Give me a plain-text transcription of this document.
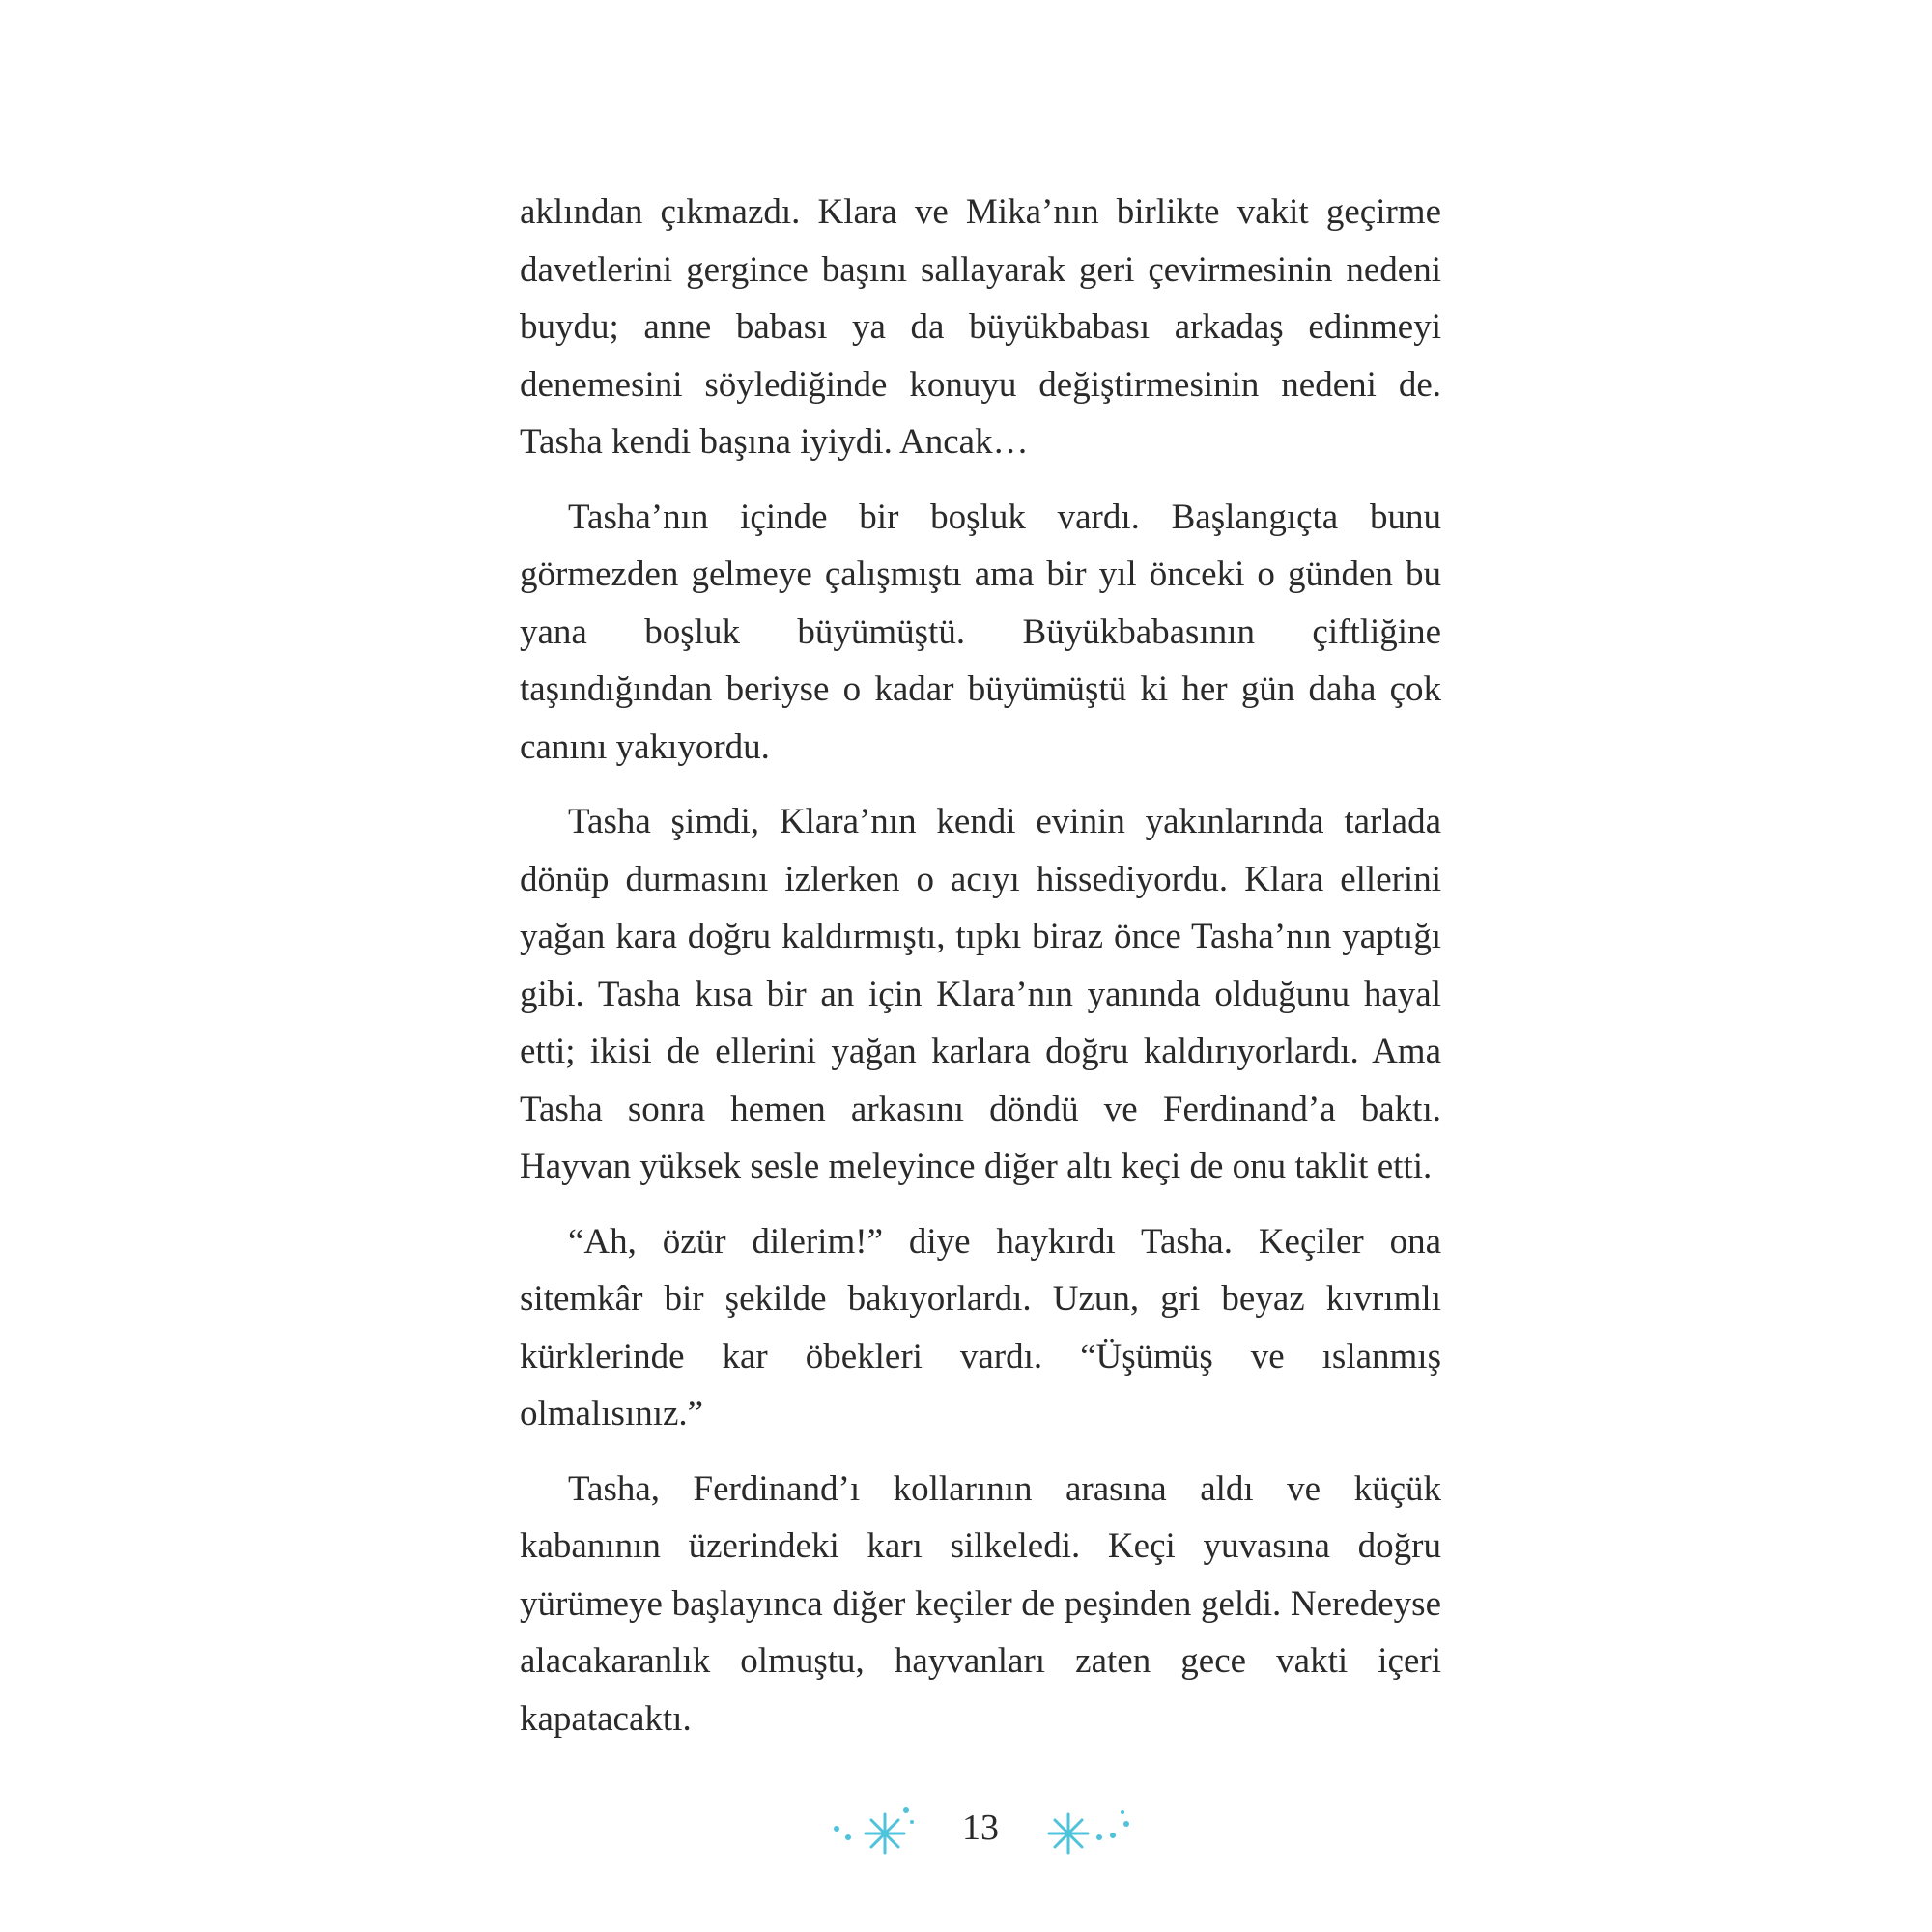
aklından çıkmazdı. Klara ve Mika’nın birlikte vakit geçirme davetlerini gergince başını sallayarak geri çevirmesinin nedeni buydu; anne babası ya da büyükbabası arkadaş edinmeyi denemesini söylediğinde konuyu değiştirmesinin nedeni de. Tasha kendi başına iyiydi. Ancak…

Tasha’nın içinde bir boşluk vardı. Başlangıçta bunu görmezden gelmeye çalışmıştı ama bir yıl önceki o günden bu yana boşluk büyümüştü. Büyükbabasının çiftliğine taşındığından beriyse o kadar büyümüştü ki her gün daha çok canını yakıyordu.

Tasha şimdi, Klara’nın kendi evinin yakınlarında tarlada dönüp durmasını izlerken o acıyı hissediyordu. Klara ellerini yağan kara doğru kaldırmıştı, tıpkı biraz önce Tasha’nın yaptığı gibi. Tasha kısa bir an için Klara’nın yanında olduğunu hayal etti; ikisi de ellerini yağan karlara doğru kaldırıyorlardı. Ama Tasha sonra hemen arkasını döndü ve Ferdinand’a baktı. Hayvan yüksek sesle meleyince diğer altı keçi de onu taklit etti.

“Ah, özür dilerim!” diye haykırdı Tasha. Keçiler ona sitemkâr bir şekilde bakıyorlardı. Uzun, gri beyaz kıvrımlı kürklerinde kar öbekleri vardı. “Üşümüş ve ıslanmış olmalısınız.”

Tasha, Ferdinand’ı kollarının arasına aldı ve küçük kabanının üzerindeki karı silkeledi. Keçi yuvasına doğru yürümeye başlayınca diğer keçiler de peşinden geldi. Neredeyse alacakaranlık olmuştu, hayvanları zaten gece vakti içeri kapatacaktı.

13
